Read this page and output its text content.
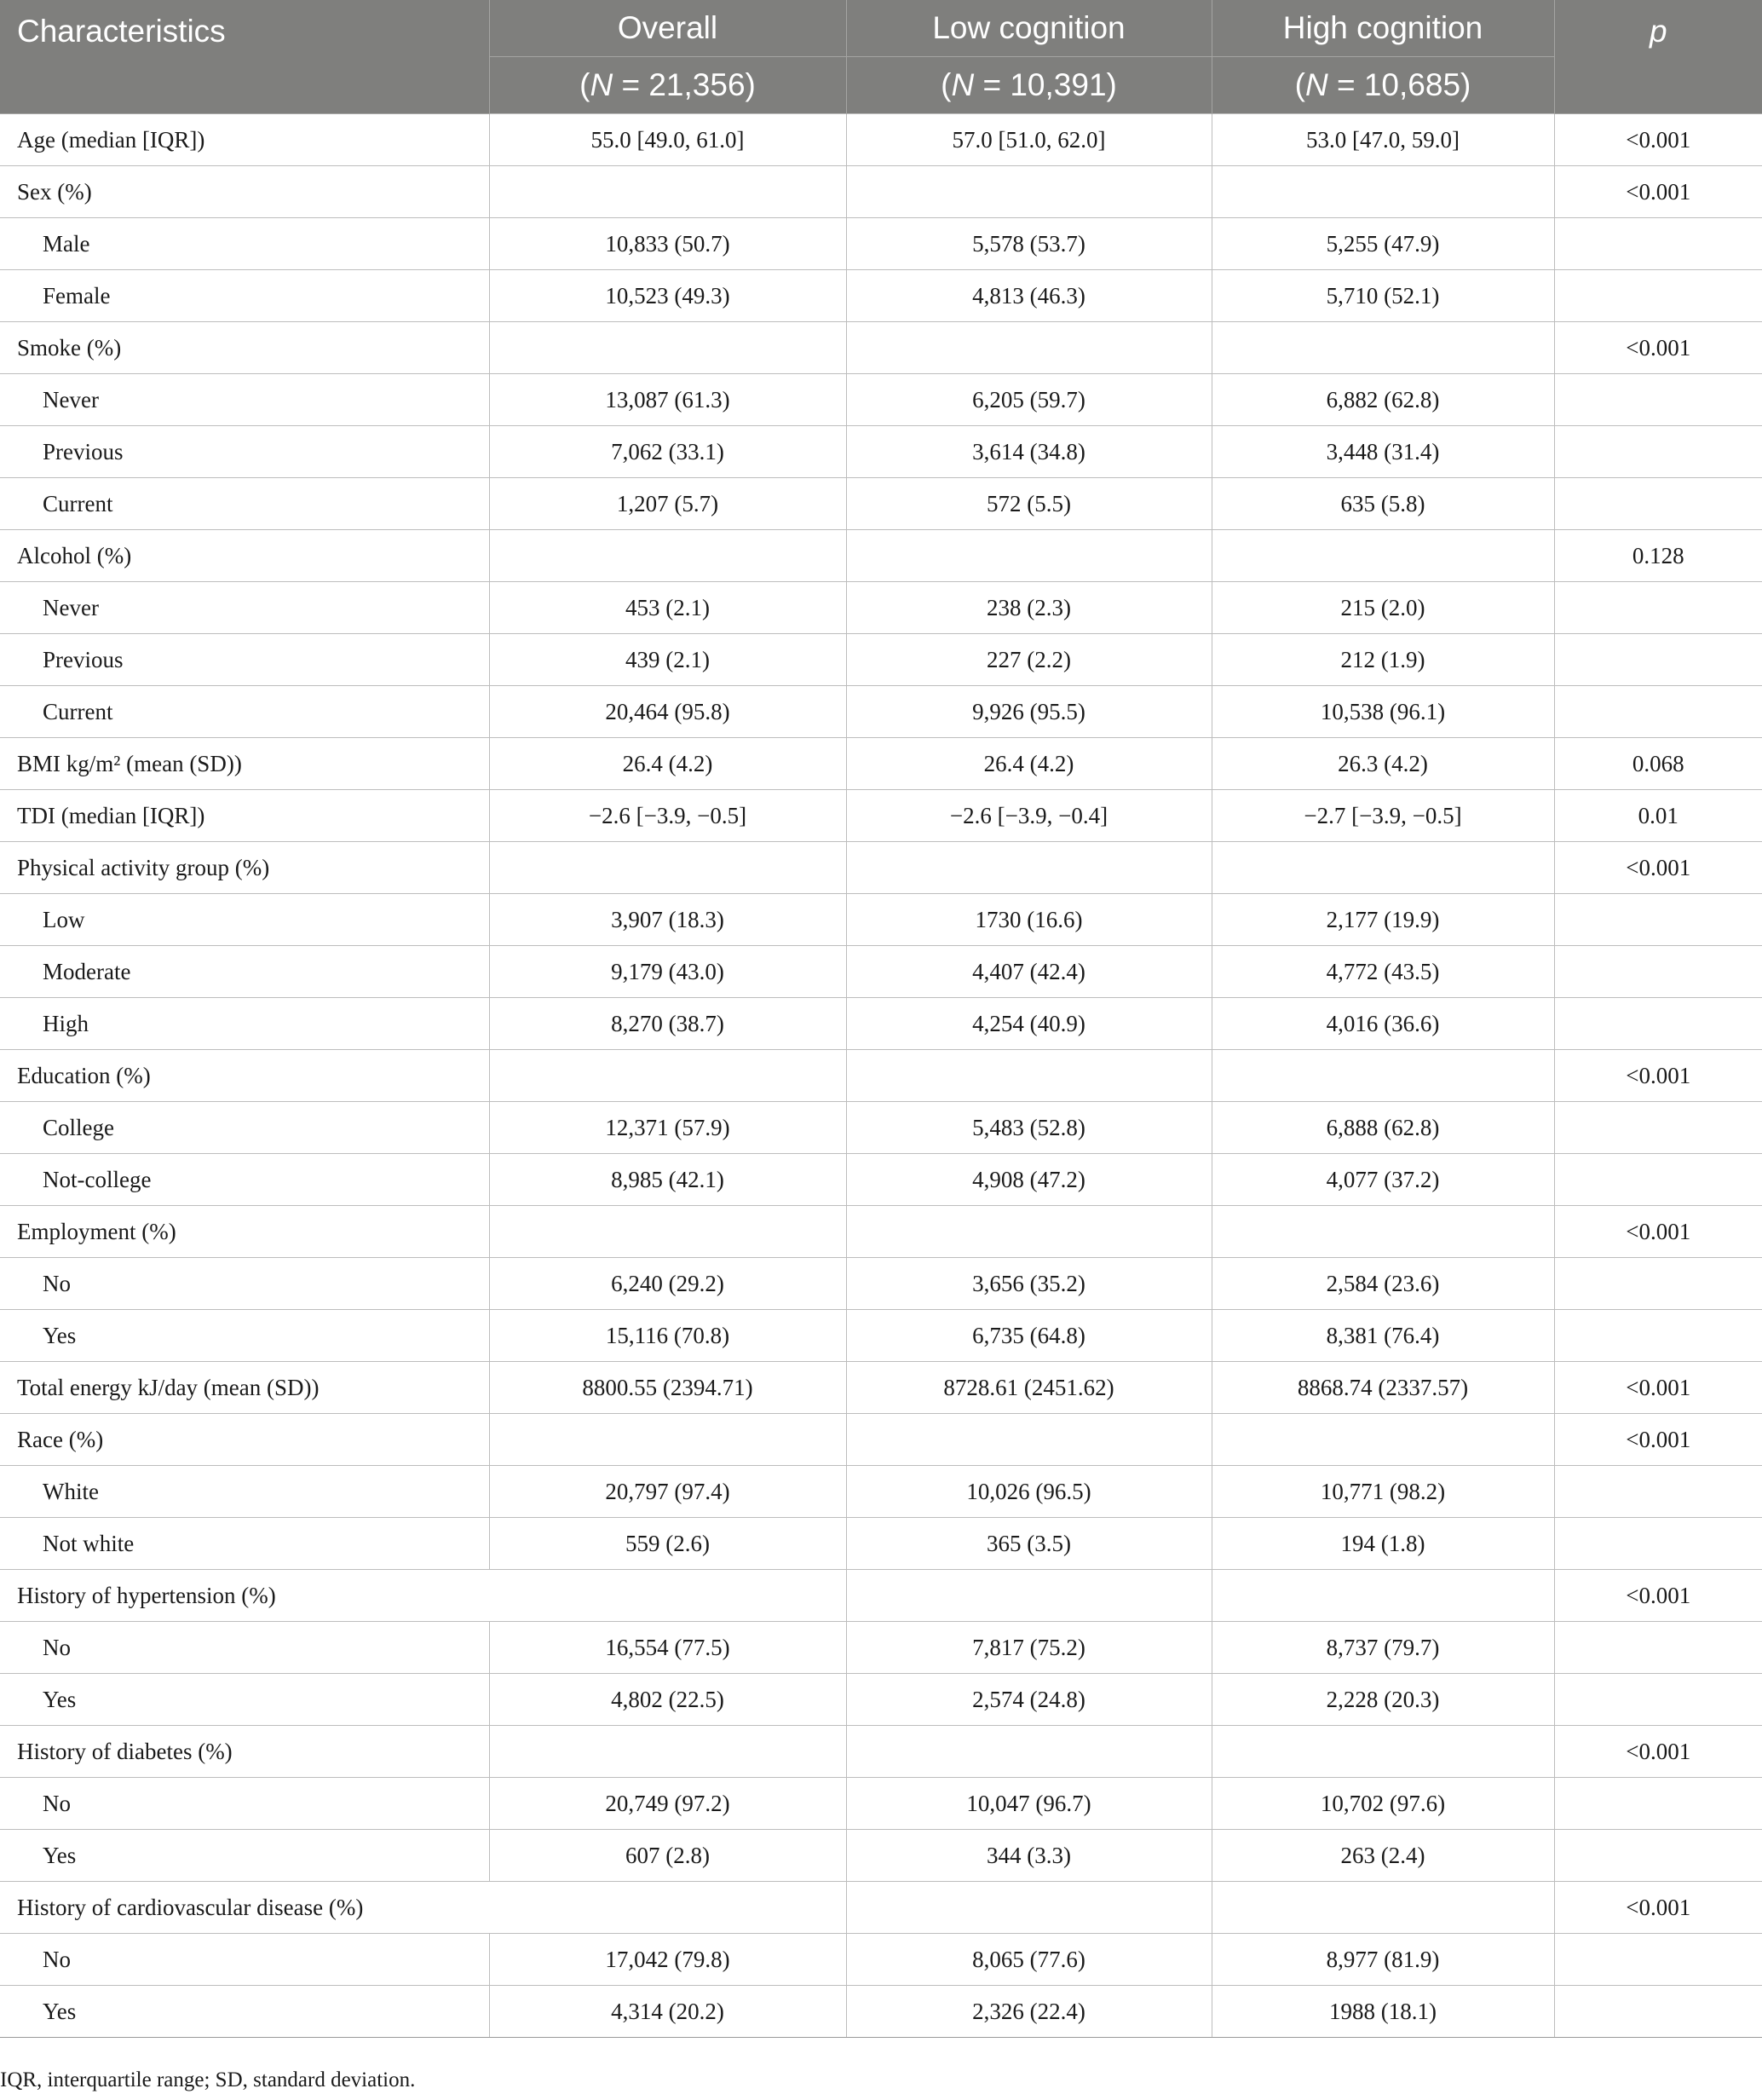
Characteristics	Overall	Low cognition	High cognition	p
	(N = 21,356)	(N = 10,391)	(N = 10,685)	
Age (median [IQR])	55.0 [49.0, 61.0]	57.0 [51.0, 62.0]	53.0 [47.0, 59.0]	<0.001
Sex (%)				<0.001
Male	10,833 (50.7)	5,578 (53.7)	5,255 (47.9)	
Female	10,523 (49.3)	4,813 (46.3)	5,710 (52.1)	
Smoke (%)				<0.001
Never	13,087 (61.3)	6,205 (59.7)	6,882 (62.8)	
Previous	7,062 (33.1)	3,614 (34.8)	3,448 (31.4)	
Current	1,207 (5.7)	572 (5.5)	635 (5.8)	
Alcohol (%)				0.128
Never	453 (2.1)	238 (2.3)	215 (2.0)	
Previous	439 (2.1)	227 (2.2)	212 (1.9)	
Current	20,464 (95.8)	9,926 (95.5)	10,538 (96.1)	
BMI kg/m² (mean (SD))	26.4 (4.2)	26.4 (4.2)	26.3 (4.2)	0.068
TDI (median [IQR])	−2.6 [−3.9, −0.5]	−2.6 [−3.9, −0.4]	−2.7 [−3.9, −0.5]	0.01
Physical activity group (%)				<0.001
Low	3,907 (18.3)	1730 (16.6)	2,177 (19.9)	
Moderate	9,179 (43.0)	4,407 (42.4)	4,772 (43.5)	
High	8,270 (38.7)	4,254 (40.9)	4,016 (36.6)	
Education (%)				<0.001
College	12,371 (57.9)	5,483 (52.8)	6,888 (62.8)	
Not-college	8,985 (42.1)	4,908 (47.2)	4,077 (37.2)	
Employment (%)				<0.001
No	6,240 (29.2)	3,656 (35.2)	2,584 (23.6)	
Yes	15,116 (70.8)	6,735 (64.8)	8,381 (76.4)	
Total energy kJ/day (mean (SD))	8800.55 (2394.71)	8728.61 (2451.62)	8868.74 (2337.57)	<0.001
Race (%)				<0.001
White	20,797 (97.4)	10,026 (96.5)	10,771 (98.2)	
Not white	559 (2.6)	365 (3.5)	194 (1.8)	
History of hypertension (%)				<0.001
No	16,554 (77.5)	7,817 (75.2)	8,737 (79.7)	
Yes	4,802 (22.5)	2,574 (24.8)	2,228 (20.3)	
History of diabetes (%)				<0.001
No	20,749 (97.2)	10,047 (96.7)	10,702 (97.6)	
Yes	607 (2.8)	344 (3.3)	263 (2.4)	
History of cardiovascular disease (%)				<0.001
No	17,042 (79.8)	8,065 (77.6)	8,977 (81.9)	
Yes	4,314 (20.2)	2,326 (22.4)	1988 (18.1)	
IQR, interquartile range; SD, standard deviation.
